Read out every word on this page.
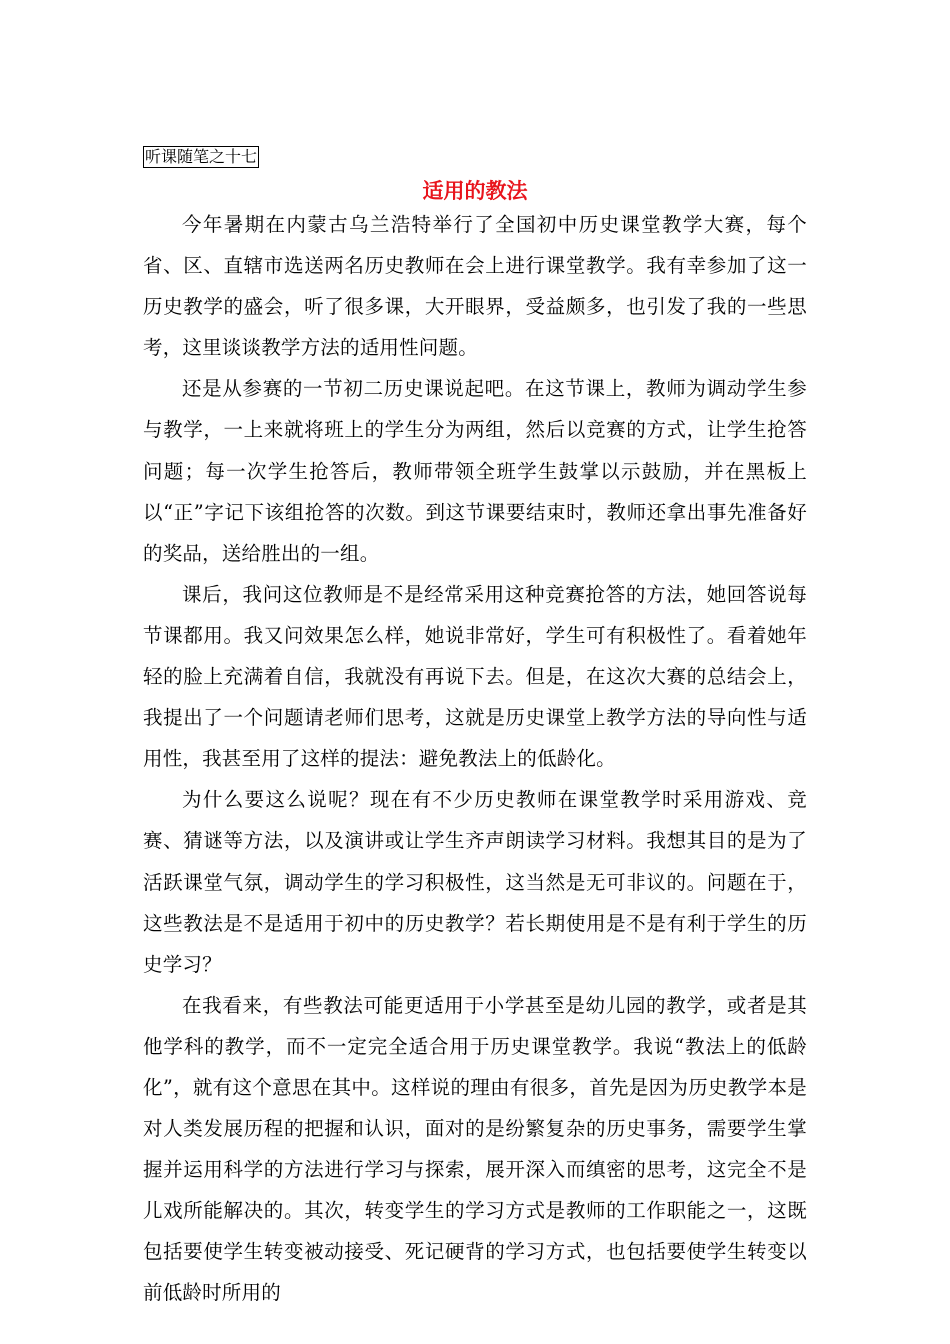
听课随笔之十七
适用的教法

今年暑期在内蒙古乌兰浩特举行了全国初中历史课堂教学大赛，每个省、区、直辖市选送两名历史教师在会上进行课堂教学。我有幸参加了这一历史教学的盛会，听了很多课，大开眼界，受益颇多，也引发了我的一些思考，这里谈谈教学方法的适用性问题。

还是从参赛的一节初二历史课说起吧。在这节课上，教师为调动学生参与教学，一上来就将班上的学生分为两组，然后以竞赛的方式，让学生抢答问题；每一次学生抢答后，教师带领全班学生鼓掌以示鼓励，并在黑板上以“正”字记下该组抢答的次数。到这节课要结束时，教师还拿出事先准备好的奖品，送给胜出的一组。

课后，我问这位教师是不是经常采用这种竞赛抢答的方法，她回答说每节课都用。我又问效果怎么样，她说非常好，学生可有积极性了。看着她年轻的脸上充满着自信，我就没有再说下去。但是，在这次大赛的总结会上，我提出了一个问题请老师们思考，这就是历史课堂上教学方法的导向性与适用性，我甚至用了这样的提法：避免教法上的低龄化。

为什么要这么说呢？现在有不少历史教师在课堂教学时采用游戏、竞赛、猜谜等方法，以及演讲或让学生齐声朗读学习材料。我想其目的是为了活跃课堂气氛，调动学生的学习积极性，这当然是无可非议的。问题在于，这些教法是不是适用于初中的历史教学？若长期使用是不是有利于学生的历史学习？

在我看来，有些教法可能更适用于小学甚至是幼儿园的教学，或者是其他学科的教学，而不一定完全适合用于历史课堂教学。我说“教法上的低龄化”，就有这个意思在其中。这样说的理由有很多，首先是因为历史教学本是对人类发展历程的把握和认识，面对的是纷繁复杂的历史事务，需要学生掌握并运用科学的方法进行学习与探索，展开深入而缜密的思考，这完全不是儿戏所能解决的。其次，转变学生的学习方式是教师的工作职能之一，这既包括要使学生转变被动接受、死记硬背的学习方式，也包括要使学生转变以前低龄时所用的
